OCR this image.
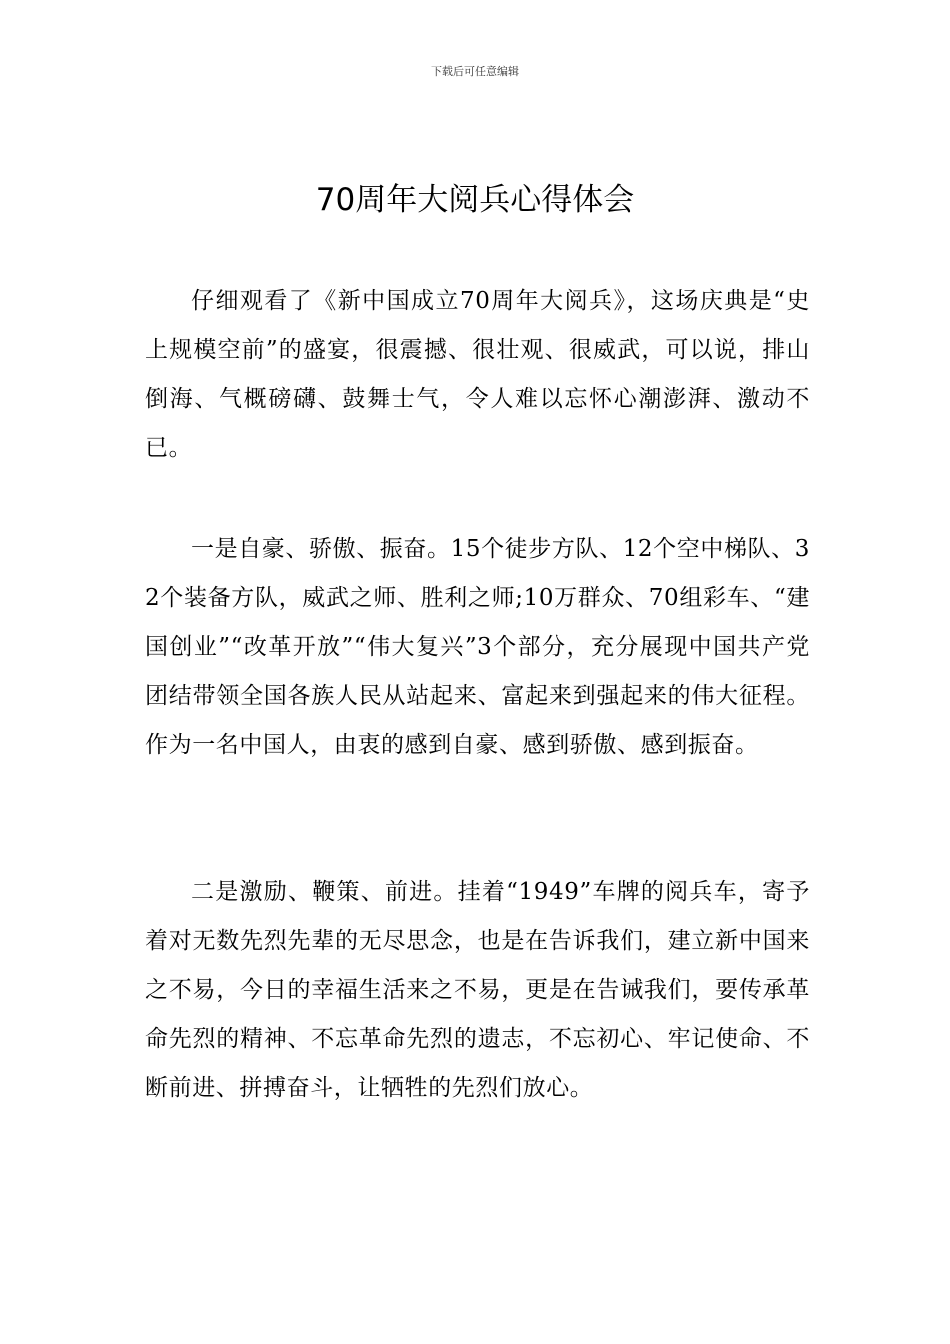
下载后可任意编辑
70周年大阅兵心得体会

仔细观看了《新中国成立70周年大阅兵》，这场庆典是“史上规模空前”的盛宴，很震撼、很壮观、很威武，可以说，排山倒海、气概磅礴、鼓舞士气，令人难以忘怀心潮澎湃、激动不已。

一是自豪、骄傲、振奋。15个徒步方队、12个空中梯队、32个装备方队，威武之师、胜利之师;10万群众、70组彩车、“建国创业”“改革开放”“伟大复兴”3个部分，充分展现中国共产党团结带领全国各族人民从站起来、富起来到强起来的伟大征程。作为一名中国人，由衷的感到自豪、感到骄傲、感到振奋。

二是激励、鞭策、前进。挂着“1949”车牌的阅兵车，寄予着对无数先烈先辈的无尽思念，也是在告诉我们，建立新中国来之不易，今日的幸福生活来之不易，更是在告诫我们，要传承革命先烈的精神、不忘革命先烈的遗志，不忘初心、牢记使命、不断前进、拼搏奋斗，让牺牲的先烈们放心。
